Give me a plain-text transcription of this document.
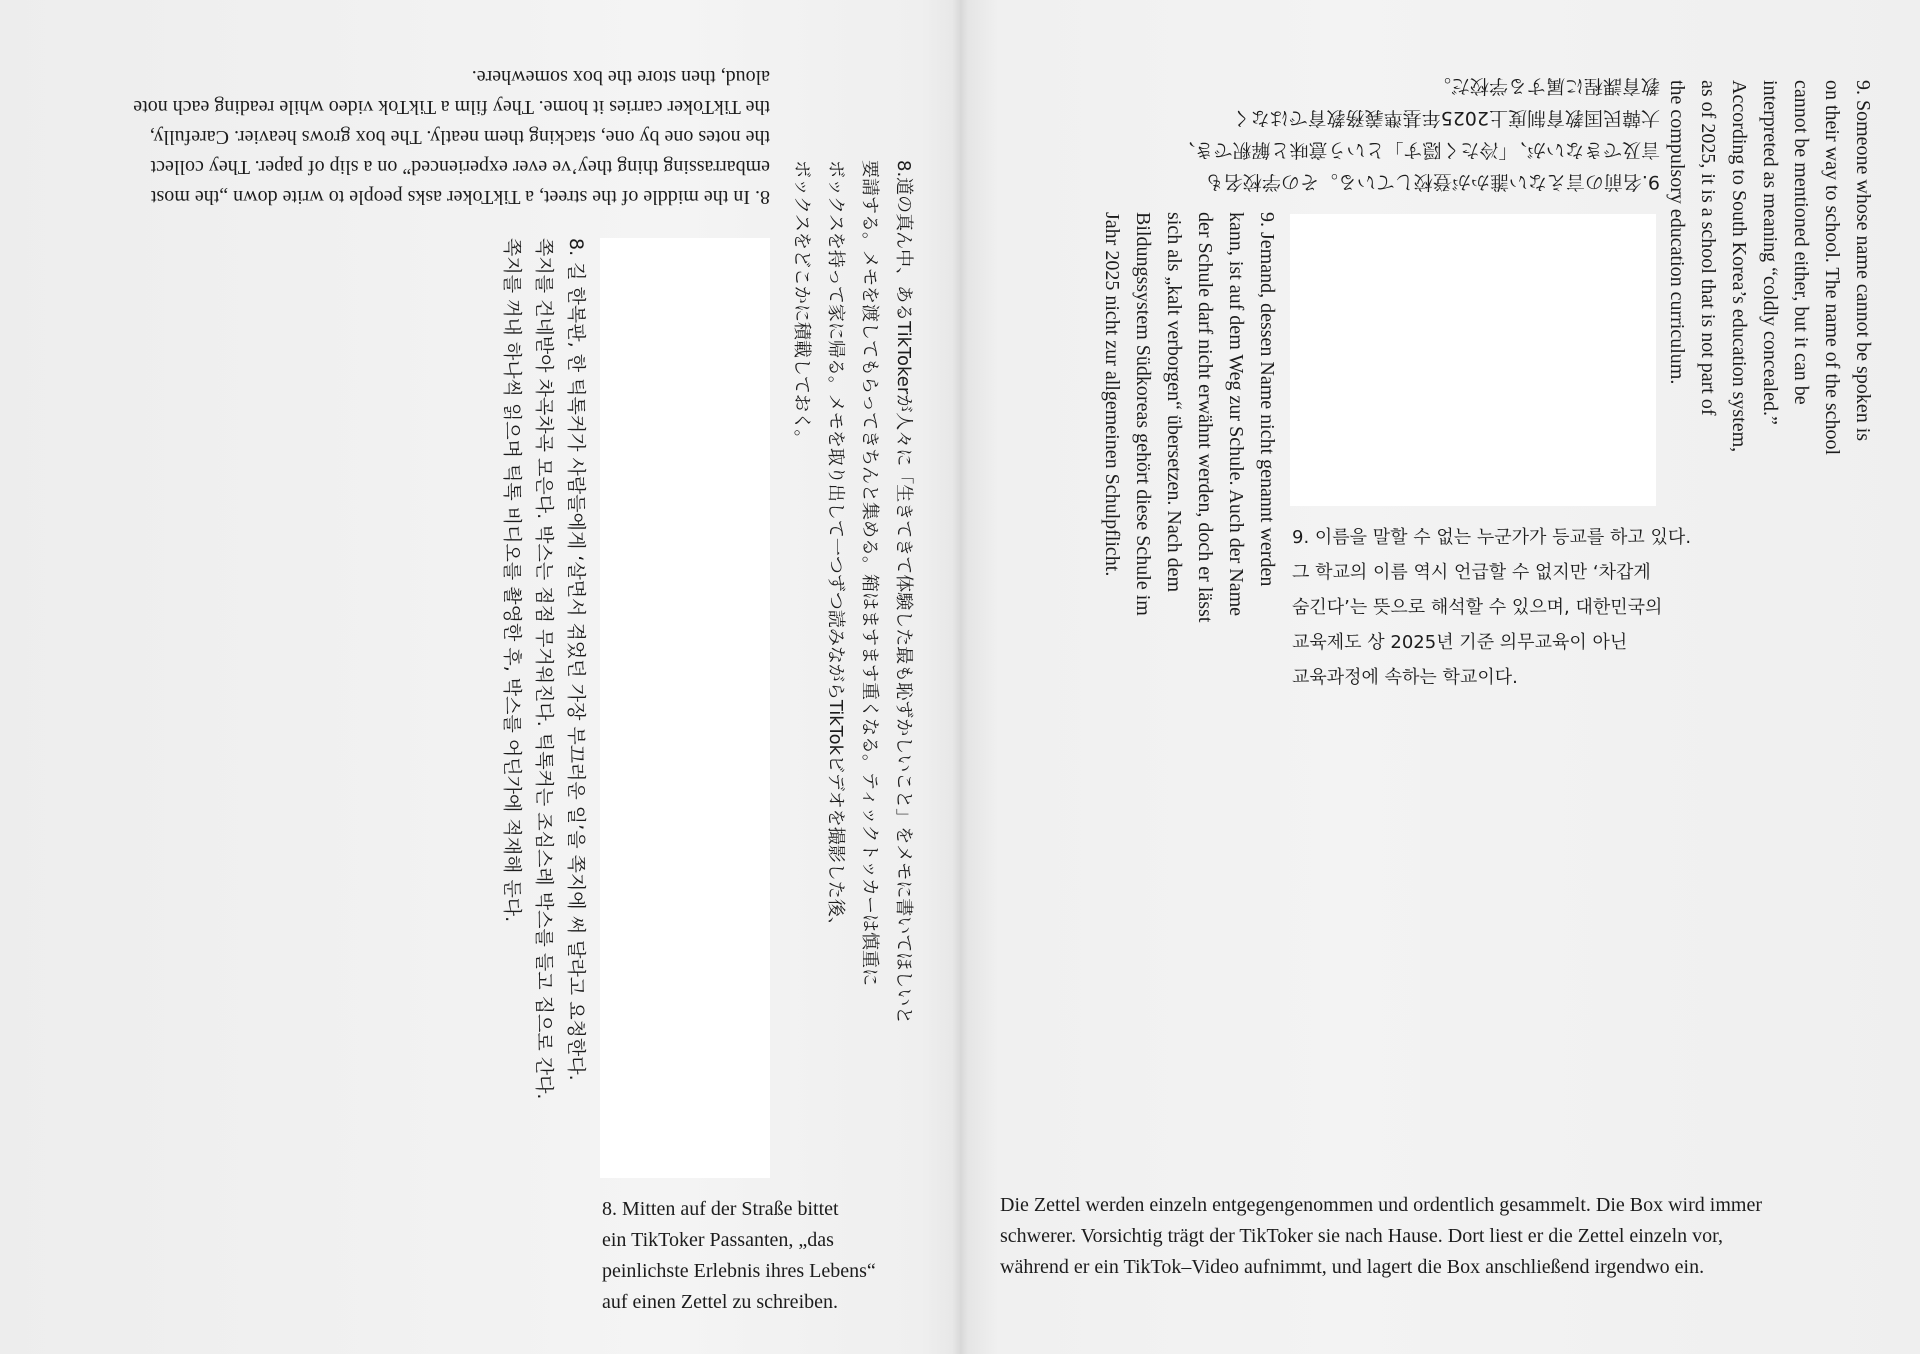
8. In the middle of the street, a TikToker asks people to write down „the most
embarrassing thing they’ve ever experienced” on a slip of paper. They collect
the notes one by one, stacking them neatly. The box grows heavier. Carefully,
the TikToker carries it home. They film a TikTok video while reading each note
aloud, then store the box somewhere.
8. 길 한복판, 한 틱톡커가 사람들에게 ‘살면서 겪었던 가장 부끄러운 일’을 쪽지에 써 달라고 요청한다.
쪽지를 건네받아 차곡차곡 모은다. 박스는 점점 무거워진다. 틱톡커는 조심스레 박스를 들고 집으로 간다.
쪽지를 꺼내 하나씩 읽으며 틱톡 비디오를 촬영한 후, 박스를 어딘가에 적재해 둔다.	8.道の真ん中、あるTikTokerが人々に「生きてきて体験した最も恥ずかしいこと」をメモに書いてほしいと
要請する。メモを渡してもらってきちんと集める。箱はますます重くなる。ティックトッカーは慎重に
ボックスを持って家に帰る。メモを取り出して一つずつ読みながらTikTokビデオを撮影した後、
ボックスをどこかに積載しておく。
8. Mitten auf der Straße bittet
ein TikToker Passanten, „das
peinlichste Erlebnis ihres Lebens“
auf einen Zettel zu schreiben.
9.名前の言えない誰かが登校している。その学校名も
言及できないが、「冷たく隠す」という意味と解釈でき、
大韓民国教育制度上2025年基準義務教育ではなく
教育課程に属する学校だ。	9. Someone whose name cannot be spoken is
on their way to school. The name of the school
cannot be mentioned either, but it can be
interpreted as meaning “coldly concealed.”
According to South Korea’s education system,
as of 2025, it is a school that is not part of
the compulsory education curriculum.
9. Jemand, dessen Name nicht genannt werden
kann, ist auf dem Weg zur Schule. Auch der Name
der Schule darf nicht erwähnt werden, doch er lässt
sich als „kalt verborgen“ übersetzen. Nach dem
Bildungssystem Südkoreas gehört diese Schule im
Jahr 2025 nicht zur allgemeinen Schulpflicht.	9. 이름을 말할 수 없는 누군가가 등교를 하고 있다.
그 학교의 이름 역시 언급할 수 없지만 ‘차갑게
숨긴다’는 뜻으로 해석할 수 있으며, 대한민국의
교육제도 상 2025년 기준 의무교육이 아닌
교육과정에 속하는 학교이다.
Die Zettel werden einzeln entgegengenommen und ordentlich gesammelt. Die Box wird immer
schwerer. Vorsichtig trägt der TikToker sie nach Hause. Dort liest er die Zettel einzeln vor,
während er ein TikTok–Video aufnimmt, und lagert die Box anschließend irgendwo ein.
